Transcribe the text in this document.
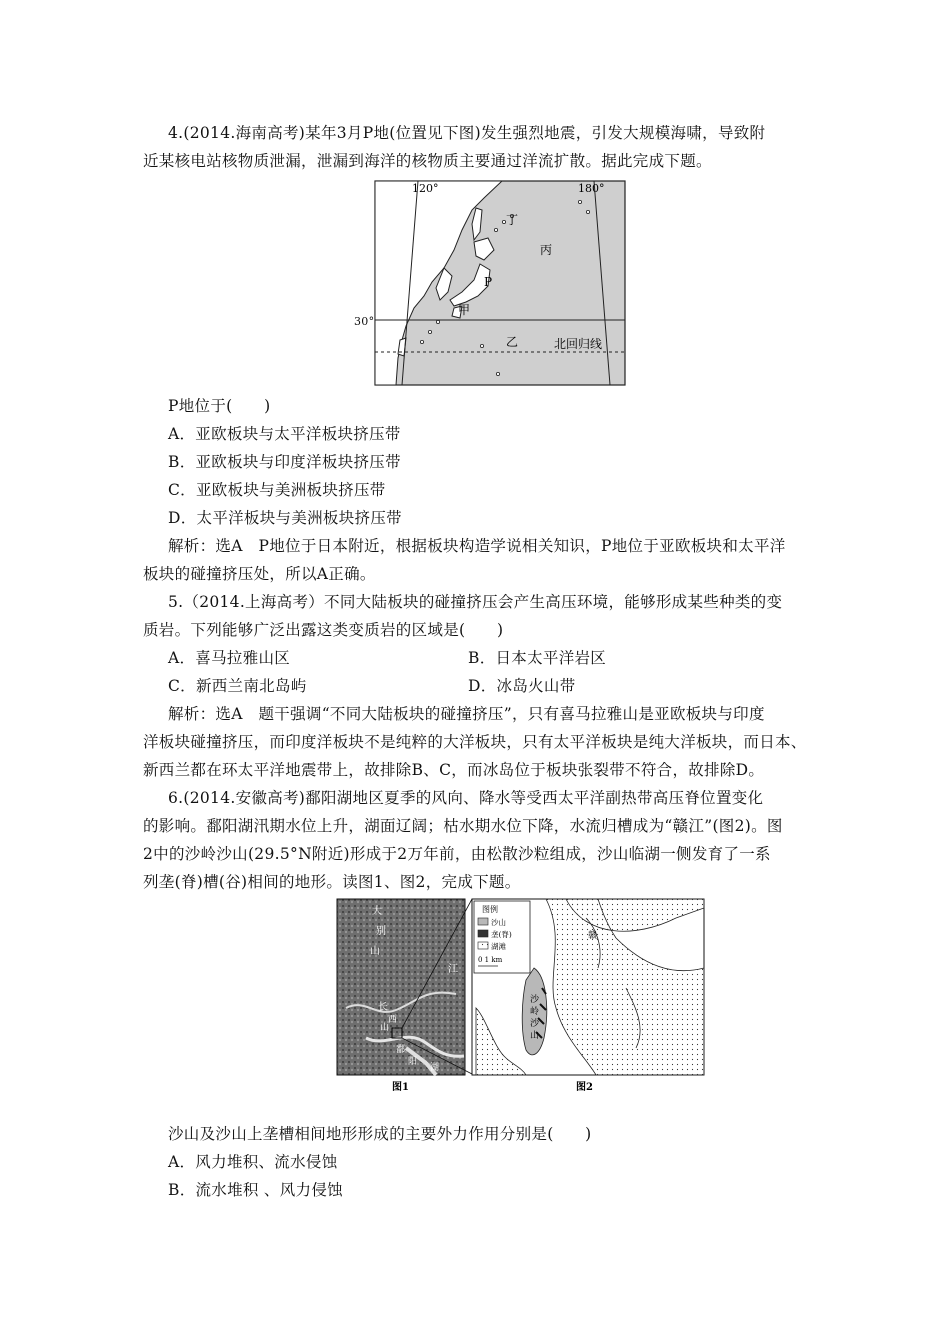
4.(2014.海南高考)某年3月P地(位置见下图)发生强烈地震，引发大规模海啸，导致附
近某核电站核物质泄漏，泄漏到海洋的核物质主要通过洋流扩散。据此完成下题。
120°	180°
丁
丙
P
甲
乙	北回归线
30°
P地位于(　　)
A．亚欧板块与太平洋板块挤压带
B．亚欧板块与印度洋板块挤压带
C．亚欧板块与美洲板块挤压带
D．太平洋板块与美洲板块挤压带
解析：选A　P地位于日本附近，根据板块构造学说相关知识，P地位于亚欧板块和太平洋
板块的碰撞挤压处，所以A正确。
5.（2014.上海高考）不同大陆板块的碰撞挤压会产生高压环境，能够形成某些种类的变
质岩。下列能够广泛出露这类变质岩的区域是(　　)
A．喜马拉雅山区	B．日本太平洋岩区
C．新西兰南北岛屿	D．冰岛火山带
解析：选A　题干强调“不同大陆板块的碰撞挤压”，只有喜马拉雅山是亚欧板块与印度
洋板块碰撞挤压，而印度洋板块不是纯粹的大洋板块，只有太平洋板块是纯大洋板块，而日本、
新西兰都在环太平洋地震带上，故排除B、C，而冰岛位于板块张裂带不符合，故排除D。
6.(2014.安徽高考)鄱阳湖地区夏季的风向、降水等受西太平洋副热带高压脊位置变化
的影响。鄱阳湖汛期水位上升，湖面辽阔；枯水期水位下降，水流归槽成为“赣江”(图2)。图
2中的沙岭沙山(29.5°N附近)形成于2万年前，由松散沙粒组成，沙山临湖一侧发育了一系
列垄(脊)槽(谷)相间的地形。读图1、图2，完成下题。
大
别
山
长
江
西
山
鄱
阳
湖
图例
沙山
垄(脊)
湖滩
0 1 km
赣
沙
岭
沙
山
图1	图2
沙山及沙山上垄槽相间地形形成的主要外力作用分别是(　　)
A．风力堆积、流水侵蚀
B．流水堆积 、风力侵蚀
